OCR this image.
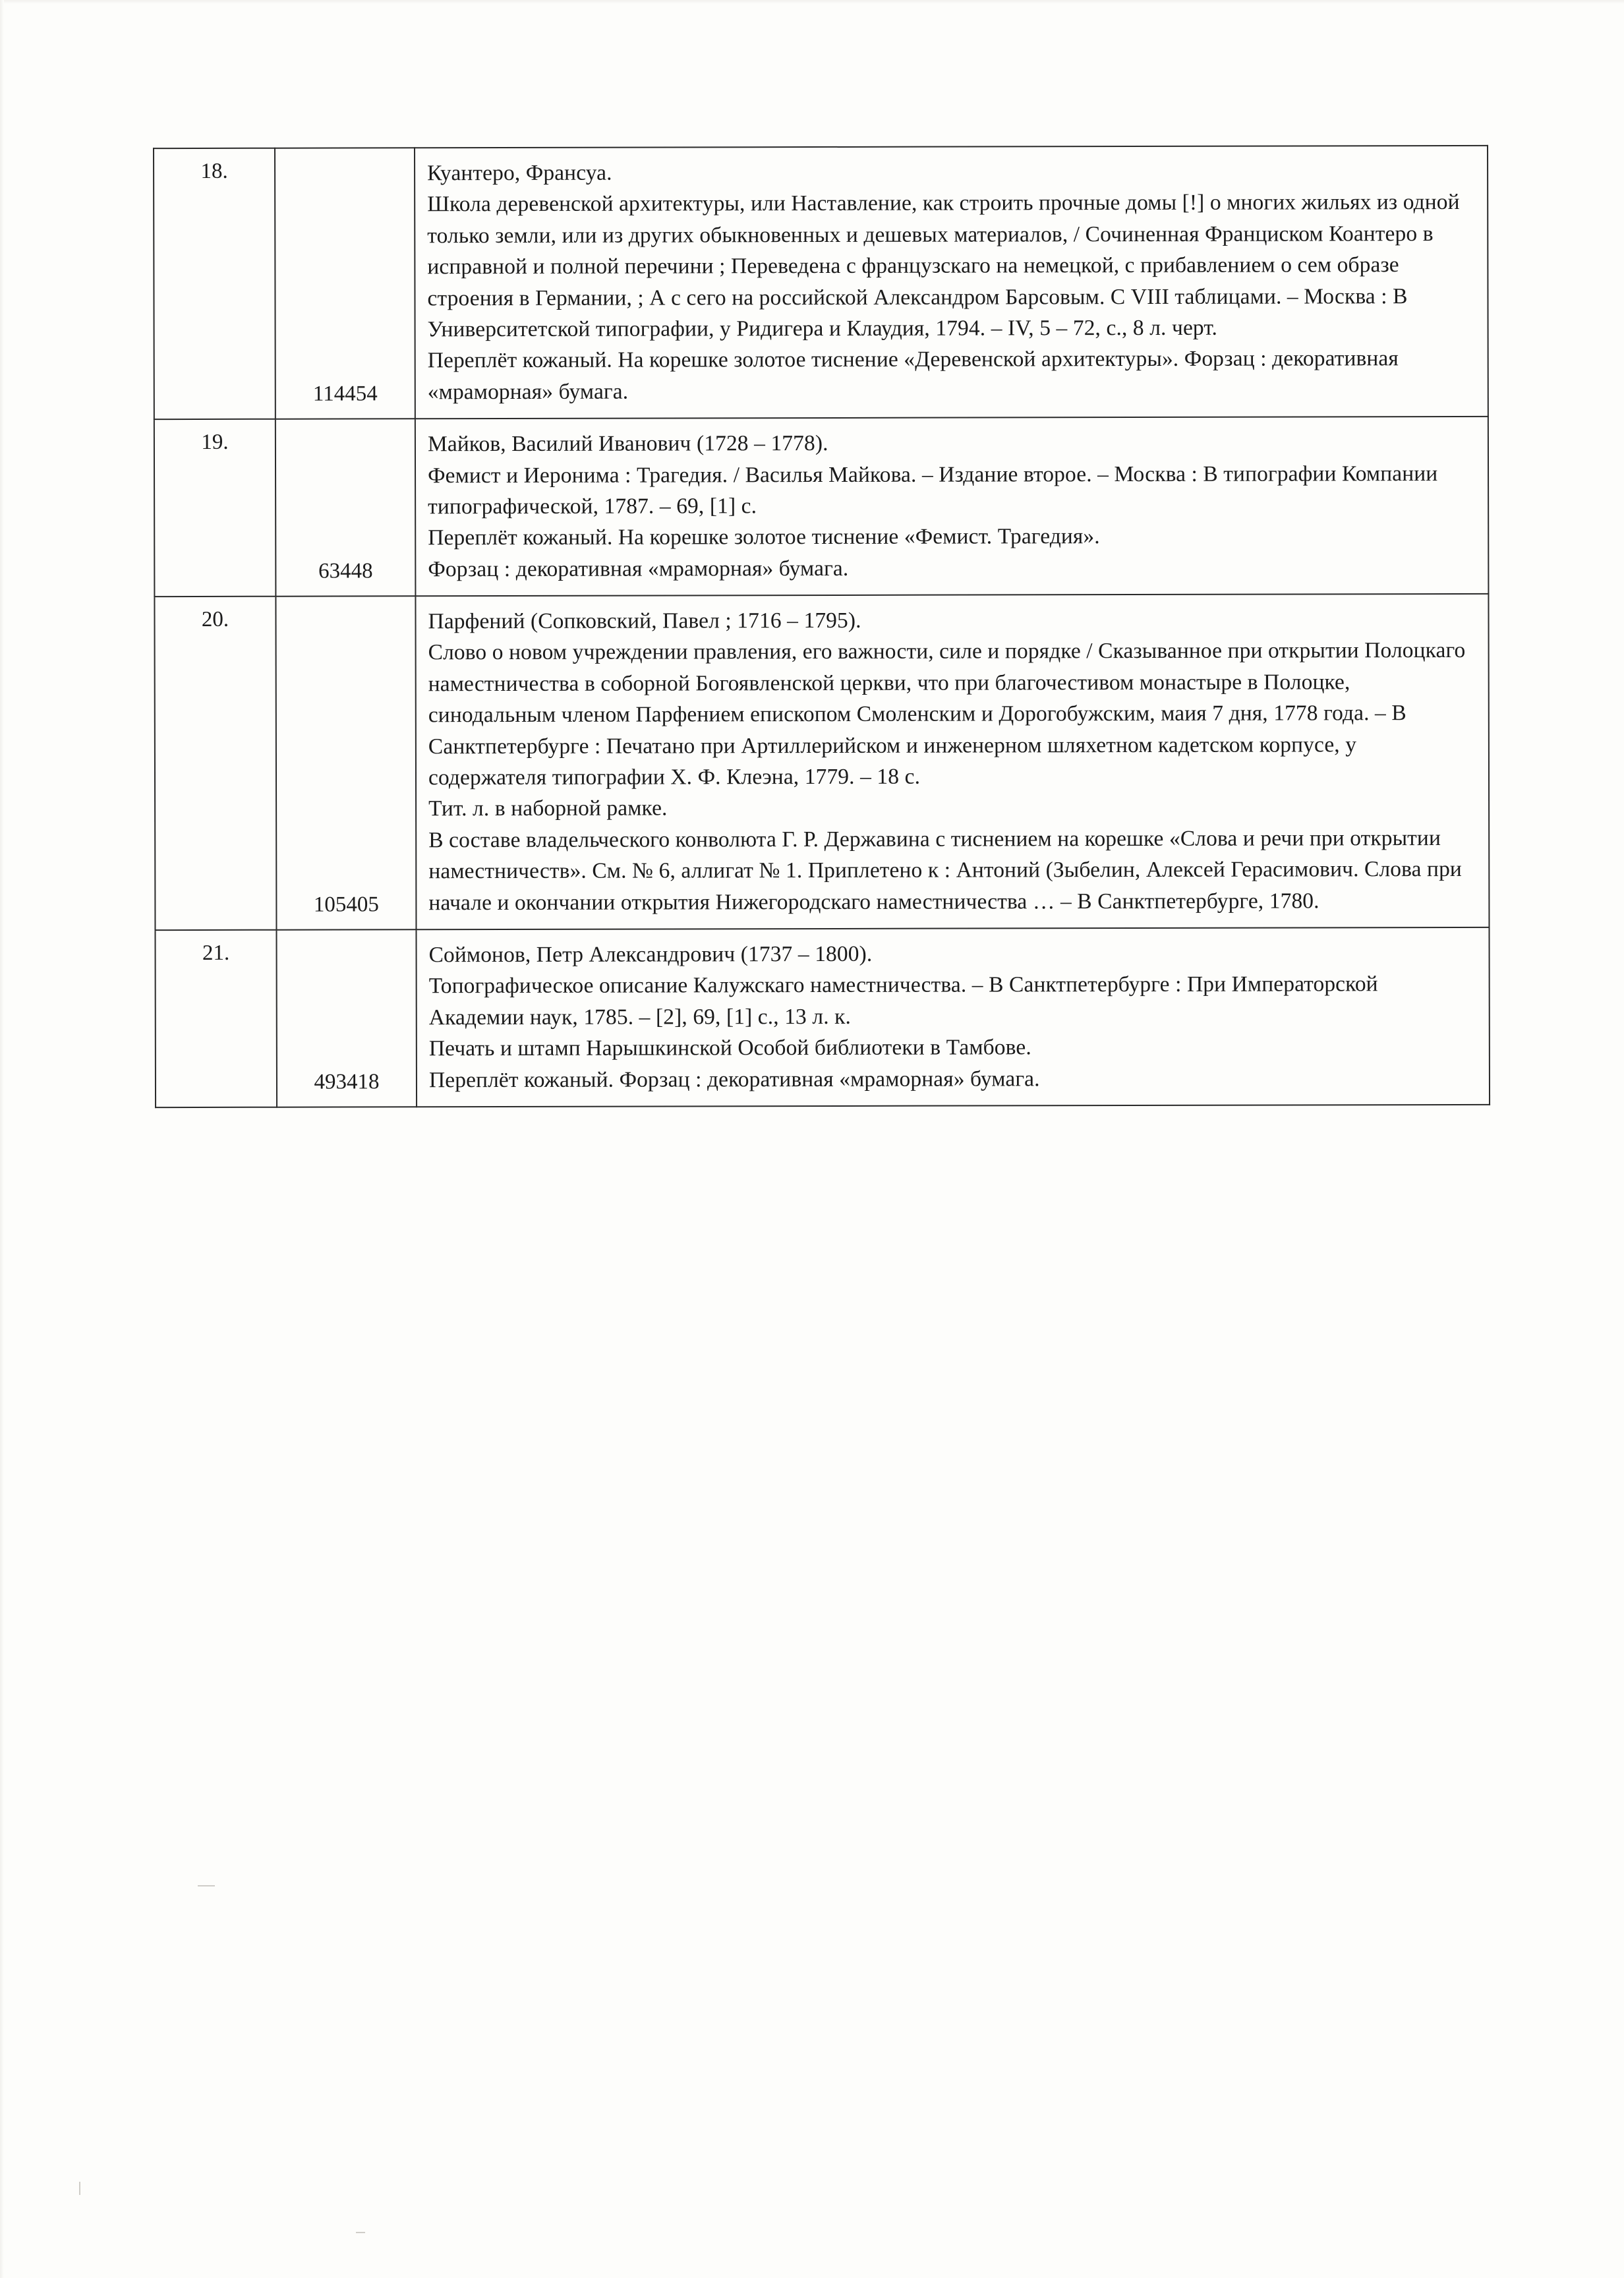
18.	114454	Куантеро, Франсуа.
Школа деревенской архитектуры, или Наставление, как строить прочные домы [!] о многих жильях из одной только земли, или из других обыкновенных и дешевых материалов, / Сочиненная Франциском Коантеро в исправной и полной перечини ; Переведена с французскаго на немецкой, с прибавлением о сем образе строения в Германии, ; А с сего на российской Александром Барсовым. С VIII таблицами. – Москва : В Университетской типографии, у Ридигера и Клаудия, 1794. – IV, 5 – 72, с., 8 л. черт.
Переплёт кожаный. На корешке золотое тиснение «Деревенской архитектуры». Форзац : декоративная «мраморная» бумага.

19.	63448	Майков, Василий Иванович (1728 – 1778).
Фемист и Иеронима : Трагедия. / Василья Майкова. – Издание второе. – Москва : В типографии Компании типографической, 1787. – 69, [1] с.
Переплёт кожаный. На корешке золотое тиснение «Фемист. Трагедия».
Форзац : декоративная «мраморная» бумага.

20.	105405	Парфений (Сопковский, Павел ; 1716 – 1795).
Слово о новом учреждении правления, его важности, силе и порядке / Сказыванное при открытии Полоцкаго наместничества в соборной Богоявленской церкви, что при благочестивом монастыре в Полоцке, синодальным членом Парфением епископом Смоленским и Дорогобужским, маия 7 дня, 1778 года. – В Санктпетербурге : Печатано при Артиллерийском и инженерном шляхетном кадетском корпусе, у содержателя типографии Х. Ф. Клеэна, 1779. – 18 с.
Тит. л. в наборной рамке.
В составе владельческого конволюта Г. Р. Державина с тиснением на корешке «Слова и речи при открытии наместничеств». См. № 6, аллигат № 1. Приплетено к : Антоний (Зыбелин, Алексей Герасимович. Слова при начале и окончании открытия Нижегородскаго наместничества … – В Санктпетербурге, 1780.

21.	493418	Соймонов, Петр Александрович (1737 – 1800).
Топографическое описание Калужскаго наместничества. – В Санктпетербурге : При Императорской Академии наук, 1785. – [2], 69, [1] с., 13 л. к.
Печать и штамп Нарышкинской Особой библиотеки в Тамбове.
Переплёт кожаный. Форзац : декоративная «мраморная» бумага.
